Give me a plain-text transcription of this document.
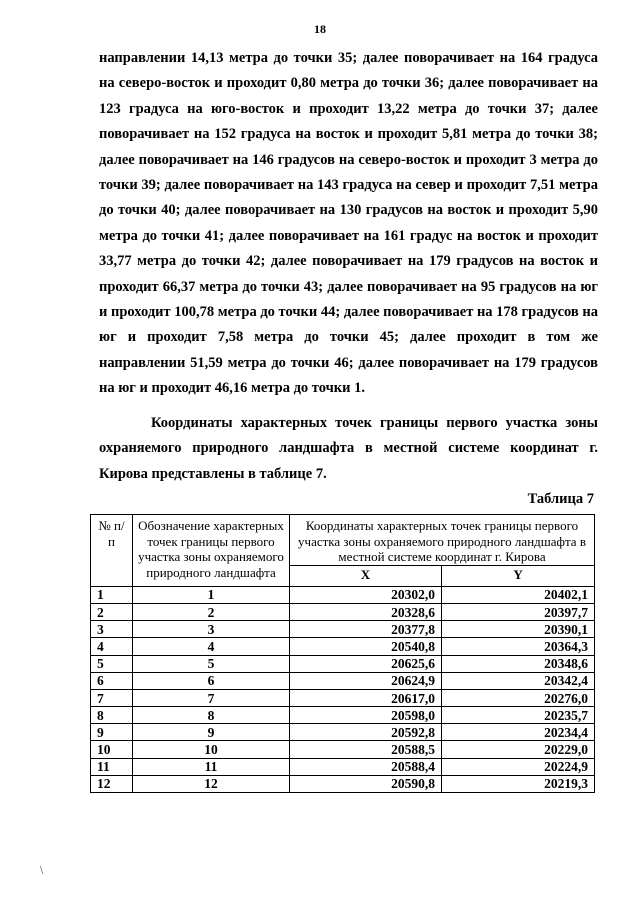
18

направлении 14,13 метра до точки 35; далее поворачивает на 164 градуса на северо-восток и проходит 0,80 метра до точки 36; далее поворачивает на 123 градуса на юго-восток и проходит 13,22 метра до точки 37; далее поворачивает на 152 градуса на восток и проходит 5,81 метра до точки 38; далее поворачивает на 146 градусов на северо-восток и проходит 3 метра до точки 39; далее поворачивает на 143 градуса на север и проходит 7,51 метра до точки 40; далее поворачивает на 130 градусов на восток и проходит 5,90 метра до точки 41; далее поворачивает на 161 градус на восток и проходит 33,77 метра до точки 42; далее поворачивает на 179 градусов на восток и проходит 66,37 метра до точки 43; далее поворачивает на 95 градусов на юг и проходит 100,78 метра до точки 44; далее поворачивает на 178 градусов на юг и проходит 7,58 метра до точки 45; далее проходит в том же направлении 51,59 метра до точки 46; далее поворачивает на 179 градусов на юг и проходит 46,16 метра до точки 1.

Координаты характерных точек границы первого участка зоны охраняемого природного ландшафта в местной системе координат г. Кирова представлены в таблице 7.

Таблица 7
№ п/п	Обозначение характерных точек границы первого участка зоны охраняемого природного ландшафта	Координаты характерных точек границы первого участка зоны охраняемого природного ландшафта в местной системе координат г. Кирова	
		X	Y
1	1	20302,0	20402,1
2	2	20328,6	20397,7
3	3	20377,8	20390,1
4	4	20540,8	20364,3
5	5	20625,6	20348,6
6	6	20624,9	20342,4
7	7	20617,0	20276,0
8	8	20598,0	20235,7
9	9	20592,8	20234,4
10	10	20588,5	20229,0
11	11	20588,4	20224,9
12	12	20590,8	20219,3
∖
